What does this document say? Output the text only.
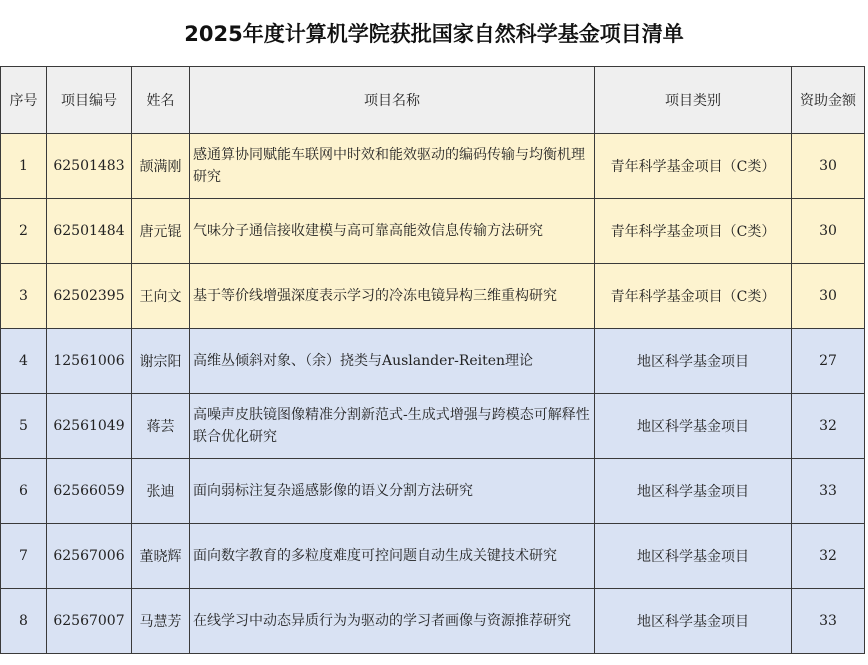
2025年度计算机学院获批国家自然科学基金项目清单
序号	项目编号	姓名	项目名称	项目类别	资助金额
1	62501483	颉满刚	感通算协同赋能车联网中时效和能效驱动的编码传输与均衡机理研究	青年科学基金项目（C类）	30
2	62501484	唐元锟	气味分子通信接收建模与高可靠高能效信息传输方法研究	青年科学基金项目（C类）	30
3	62502395	王向文	基于等价线增强深度表示学习的冷冻电镜异构三维重构研究	青年科学基金项目（C类）	30
4	12561006	谢宗阳	高维丛倾斜对象、（余）挠类与Auslander-Reiten理论	地区科学基金项目	27
5	62561049	蒋芸	高噪声皮肤镜图像精准分割新范式-生成式增强与跨模态可解释性联合优化研究	地区科学基金项目	32
6	62566059	张迪	面向弱标注复杂遥感影像的语义分割方法研究	地区科学基金项目	33
7	62567006	董晓辉	面向数字教育的多粒度难度可控问题自动生成关键技术研究	地区科学基金项目	32
8	62567007	马慧芳	在线学习中动态异质行为为驱动的学习者画像与资源推荐研究	地区科学基金项目	33
